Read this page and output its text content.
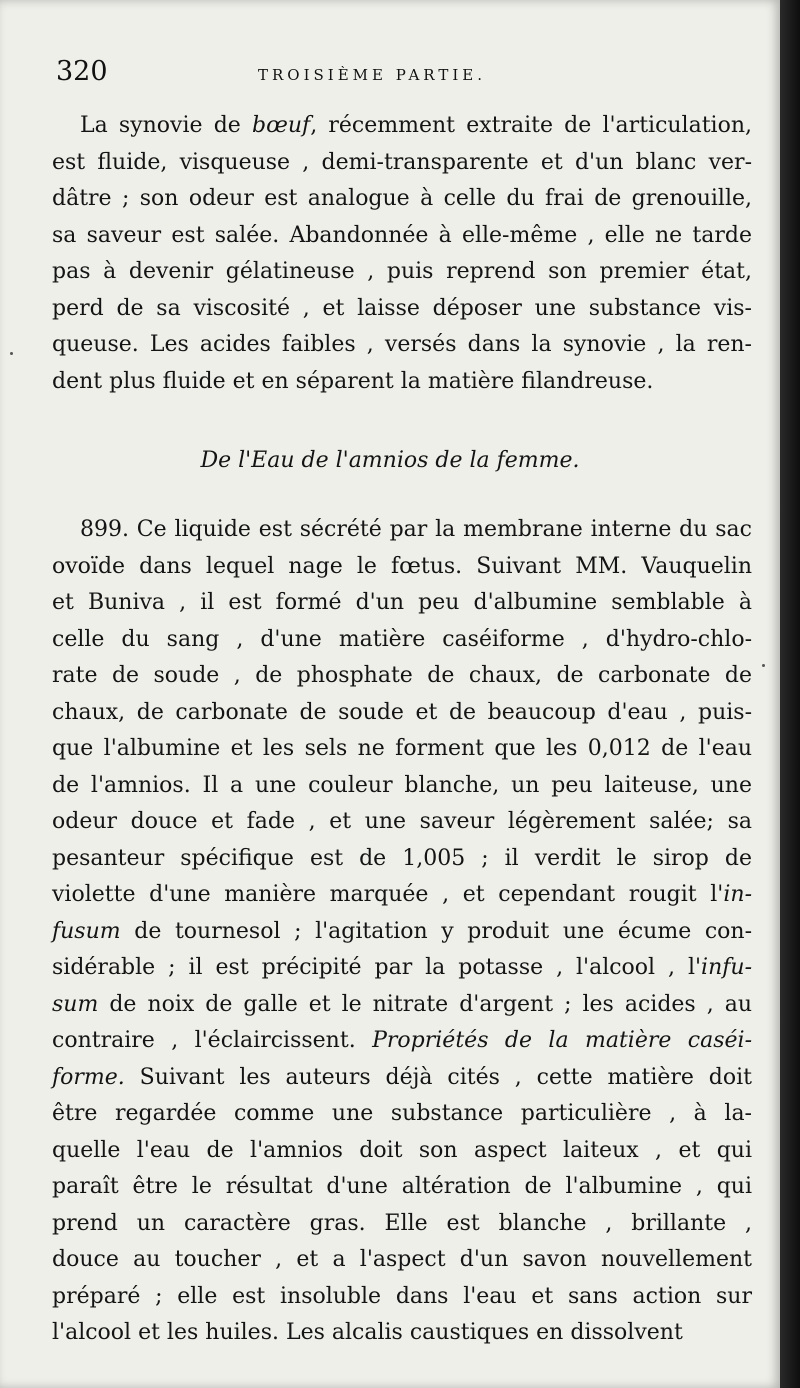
320	TROISIÈME PARTIE.
La synovie de bœuf, récemment extraite de l'articulation,
est fluide, visqueuse , demi-transparente et d'un blanc ver-
dâtre ; son odeur est analogue à celle du frai de grenouille,
sa saveur est salée. Abandonnée à elle-même , elle ne tarde
pas à devenir gélatineuse , puis reprend son premier état,
perd de sa viscosité , et laisse déposer une substance vis-
queuse. Les acides faibles , versés dans la synovie , la ren-
dent plus fluide et en séparent la matière filandreuse.
De l'Eau de l'amnios de la femme.
899. Ce liquide est sécrété par la membrane interne du sac
ovoïde dans lequel nage le fœtus. Suivant MM. Vauquelin
et Buniva , il est formé d'un peu d'albumine semblable à
celle du sang , d'une matière caséiforme , d'hydro-chlo-
rate de soude , de phosphate de chaux, de carbonate de
chaux, de carbonate de soude et de beaucoup d'eau , puis-
que l'albumine et les sels ne forment que les 0,012 de l'eau
de l'amnios. Il a une couleur blanche, un peu laiteuse, une
odeur douce et fade , et une saveur légèrement salée; sa
pesanteur spécifique est de 1,005 ; il verdit le sirop de
violette d'une manière marquée , et cependant rougit l'in-
fusum de tournesol ; l'agitation y produit une écume con-
sidérable ; il est précipité par la potasse , l'alcool , l'infu-
sum de noix de galle et le nitrate d'argent ; les acides , au
contraire , l'éclaircissent. Propriétés de la matière caséi-
forme. Suivant les auteurs déjà cités , cette matière doit
être regardée comme une substance particulière , à la-
quelle l'eau de l'amnios doit son aspect laiteux , et qui
paraît être le résultat d'une altération de l'albumine , qui
prend un caractère gras. Elle est blanche , brillante ,
douce au toucher , et a l'aspect d'un savon nouvellement
préparé ; elle est insoluble dans l'eau et sans action sur
l'alcool et les huiles. Les alcalis caustiques en dissolvent
